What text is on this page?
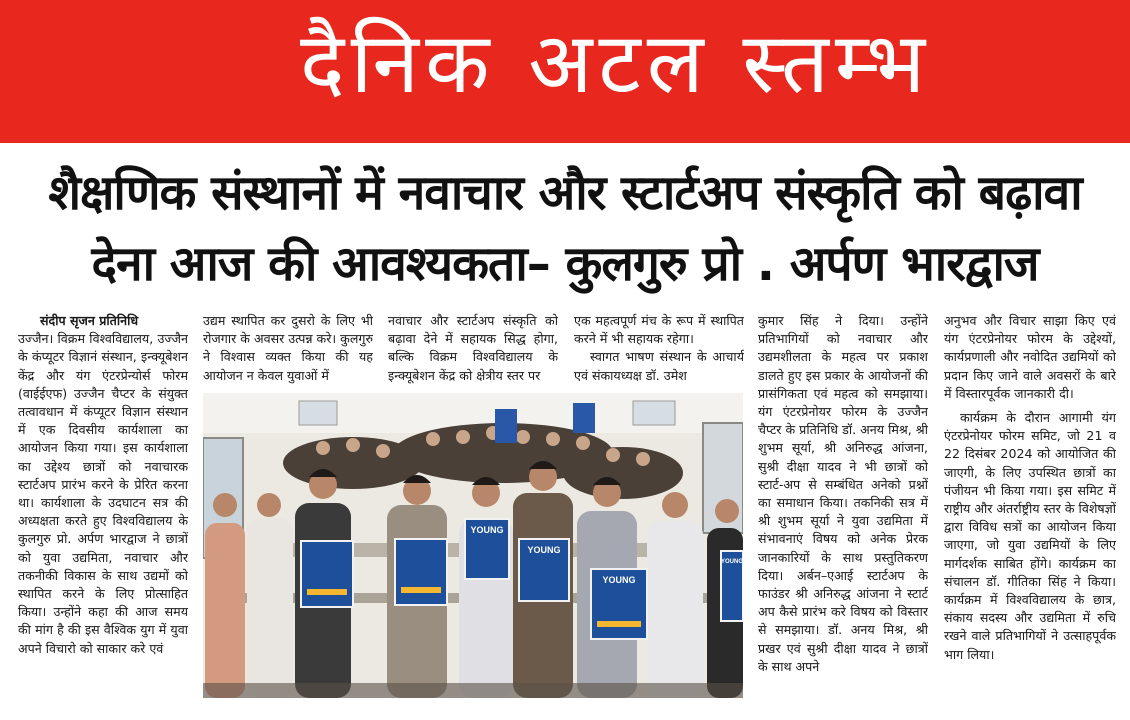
दैनिक अटल स्तम्भ
शैक्षणिक संस्थानों में नवाचार और स्टार्टअप संस्कृति को बढ़ावा
देना आज की आवश्यकता– कुलगुरु प्रो . अर्पण भारद्वाज

संदीप सृजन प्रतिनिधि

उज्जैन। विक्रम विश्वविद्यालय, उज्जैन के कंप्यूटर विज्ञानं संस्थान, इन्क्यूबेशन केंद्र और यंग एंटरप्रेन्योर्स फोरम (वाईईएफ) उज्जैन चैप्टर के संयुक्त तत्वावधान में कंप्यूटर विज्ञान संस्थान में एक दिवसीय कार्यशाला का आयोजन किया गया। इस कार्यशाला का उद्देश्य छात्रों को नवाचारक स्टार्टअप प्रारंभ करने के प्रेरित करना था। कार्यशाला के उदघाटन सत्र की अध्यक्षता करते हुए विश्वविद्यालय के कुलगुरु प्रो. अर्पण भारद्वाज ने छात्रों को युवा उद्यमिता, नवाचार और तकनीकी विकास के साथ उद्यमों को स्थापित करने के लिए प्रोत्साहित किया। उन्होंने कहा की आज समय की मांग है की इस वैश्विक युग में युवा अपने विचारो को साकार करे एवं

उद्यम स्थापित कर दुसरो के लिए भी रोजगार के अवसर उत्पन्न करे। कुलगुरु ने विश्वास व्यक्त किया की यह आयोजन न केवल युवाओं में

नवाचार और स्टार्टअप संस्कृति को बढ़ावा देने में सहायक सिद्ध होगा, बल्कि विक्रम विश्वविद्यालय के इन्क्यूबेशन केंद्र को क्षेत्रीय स्तर पर

एक महत्वपूर्ण मंच के रूप में स्थापित करने में भी सहायक रहेगा।

स्वागत भाषण संस्थान के आचार्य एवं संकायध्यक्ष डॉ. उमेश

कुमार सिंह ने दिया। उन्होंने प्रतिभागियों को नवाचार और उद्यमशीलता के महत्व पर प्रकाश डालते हुए इस प्रकार के आयोजनों की प्रासंगिकता एवं महत्व को समझाया। यंग एंटरप्रेनोयर फोरम के उज्जैन चैप्टर के प्रतिनिधि डॉ. अनय मिश्र, श्री शुभम सूर्या, श्री अनिरुद्ध आंजना, सुश्री दीक्षा यादव ने भी छात्रों को स्टार्ट-अप से सम्बंधित अनेको प्रश्नों का समाधान किया। तकनिकी सत्र में श्री शुभम सूर्या ने युवा उद्यमिता में संभावनाएं विषय को अनेक प्रेरक जानकारियों के साथ प्रस्तुतिकरण दिया। अर्बन–एआई स्टार्टअप के फाउंडर श्री अनिरुद्ध आंजना ने स्टार्ट अप कैसे प्रारंभ करे विषय को विस्तार से समझाया। डॉ. अनय मिश्र, श्री प्रखर एवं सुश्री दीक्षा यादव ने छात्रों के साथ अपने

अनुभव और विचार साझा किए एवं यंग एंटरप्रेनोयर फोरम के उद्देश्यों, कार्यप्रणाली और नवोदित उद्यमियों को प्रदान किए जाने वाले अवसरों के बारे में विस्तारपूर्वक जानकारी दी।

कार्यक्रम के दौरान आगामी यंग एंटरप्रेनोयर फोरम समिट, जो 21 व 22 दिसंबर 2024 को आयोजित की जाएगी, के लिए उपस्थित छात्रों का पंजीयन भी किया गया। इस समिट में राष्ट्रीय और अंतर्राष्ट्रीय स्तर के विशेषज्ञों द्वारा विविध सत्रों का आयोजन किया जाएगा, जो युवा उद्यमियों के लिए मार्गदर्शक साबित होंगे। कार्यक्रम का संचालन डॉ. गीतिका सिंह ने किया। कार्यक्रम में विश्वविद्यालय के छात्र, संकाय सदस्य और उद्यमिता में रुचि रखने वाले प्रतिभागियों ने उत्साहपूर्वक भाग लिया।

YOUNG
YOUNG
YOUNG
YOUNG
